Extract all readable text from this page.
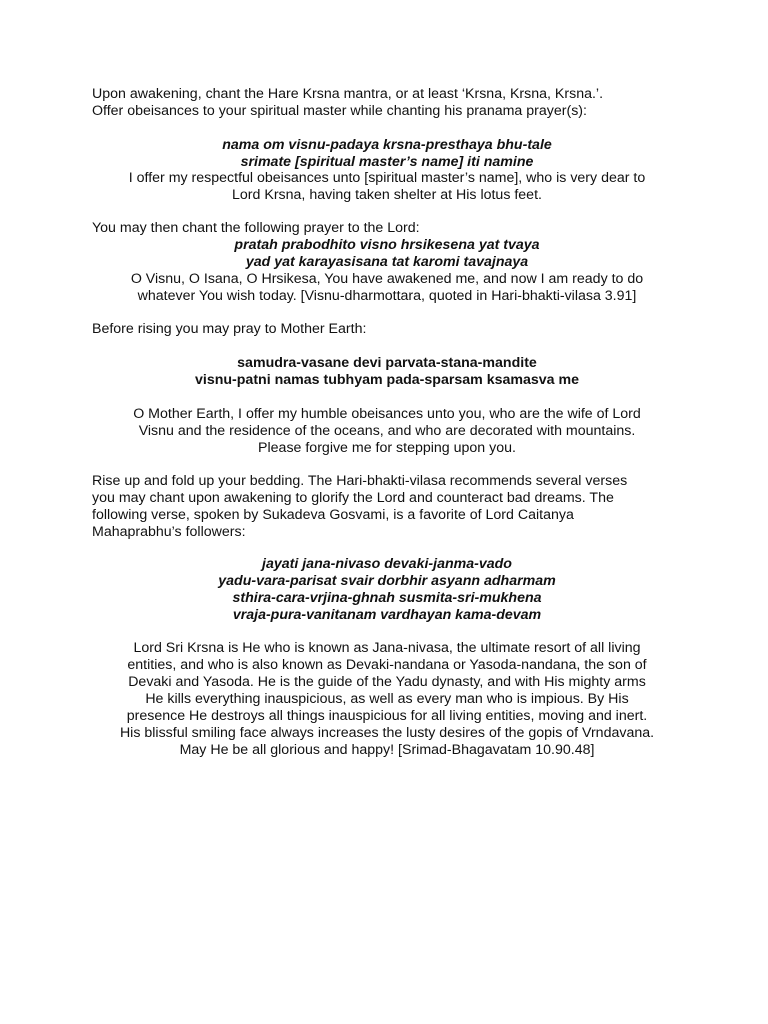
Upon awakening, chant the Hare Krsna mantra, or at least ‘Krsna, Krsna, Krsna.’.
Offer obeisances to your spiritual master while chanting his pranama prayer(s):

nama om visnu-padaya krsna-presthaya bhu-tale
srimate [spiritual master’s name] iti namine

I offer my respectful obeisances unto [spiritual master’s name], who is very dear to
Lord Krsna, having taken shelter at His lotus feet.

You may then chant the following prayer to the Lord:

pratah prabodhito visno hrsikesena yat tvaya
yad yat karayasisana tat karomi tavajnaya

O Visnu, O Isana, O Hrsikesa, You have awakened me, and now I am ready to do
whatever You wish today. [Visnu-dharmottara, quoted in Hari-bhakti-vilasa 3.91]

Before rising you may pray to Mother Earth:

samudra-vasane devi parvata-stana-mandite
visnu-patni namas tubhyam pada-sparsam ksamasva me

O Mother Earth, I offer my humble obeisances unto you, who are the wife of Lord
Visnu and the residence of the oceans, and who are decorated with mountains.
Please forgive me for stepping upon you.

Rise up and fold up your bedding. The Hari-bhakti-vilasa recommends several verses
you may chant upon awakening to glorify the Lord and counteract bad dreams. The
following verse, spoken by Sukadeva Gosvami, is a favorite of Lord Caitanya
Mahaprabhu’s followers:

jayati jana-nivaso devaki-janma-vado
yadu-vara-parisat svair dorbhir asyann adharmam
sthira-cara-vrjina-ghnah susmita-sri-mukhena
vraja-pura-vanitanam vardhayan kama-devam

Lord Sri Krsna is He who is known as Jana-nivasa, the ultimate resort of all living
entities, and who is also known as Devaki-nandana or Yasoda-nandana, the son of
Devaki and Yasoda. He is the guide of the Yadu dynasty, and with His mighty arms
He kills everything inauspicious, as well as every man who is impious. By His
presence He destroys all things inauspicious for all living entities, moving and inert.
His blissful smiling face always increases the lusty desires of the gopis of Vrndavana.
May He be all glorious and happy! [Srimad-Bhagavatam 10.90.48]
